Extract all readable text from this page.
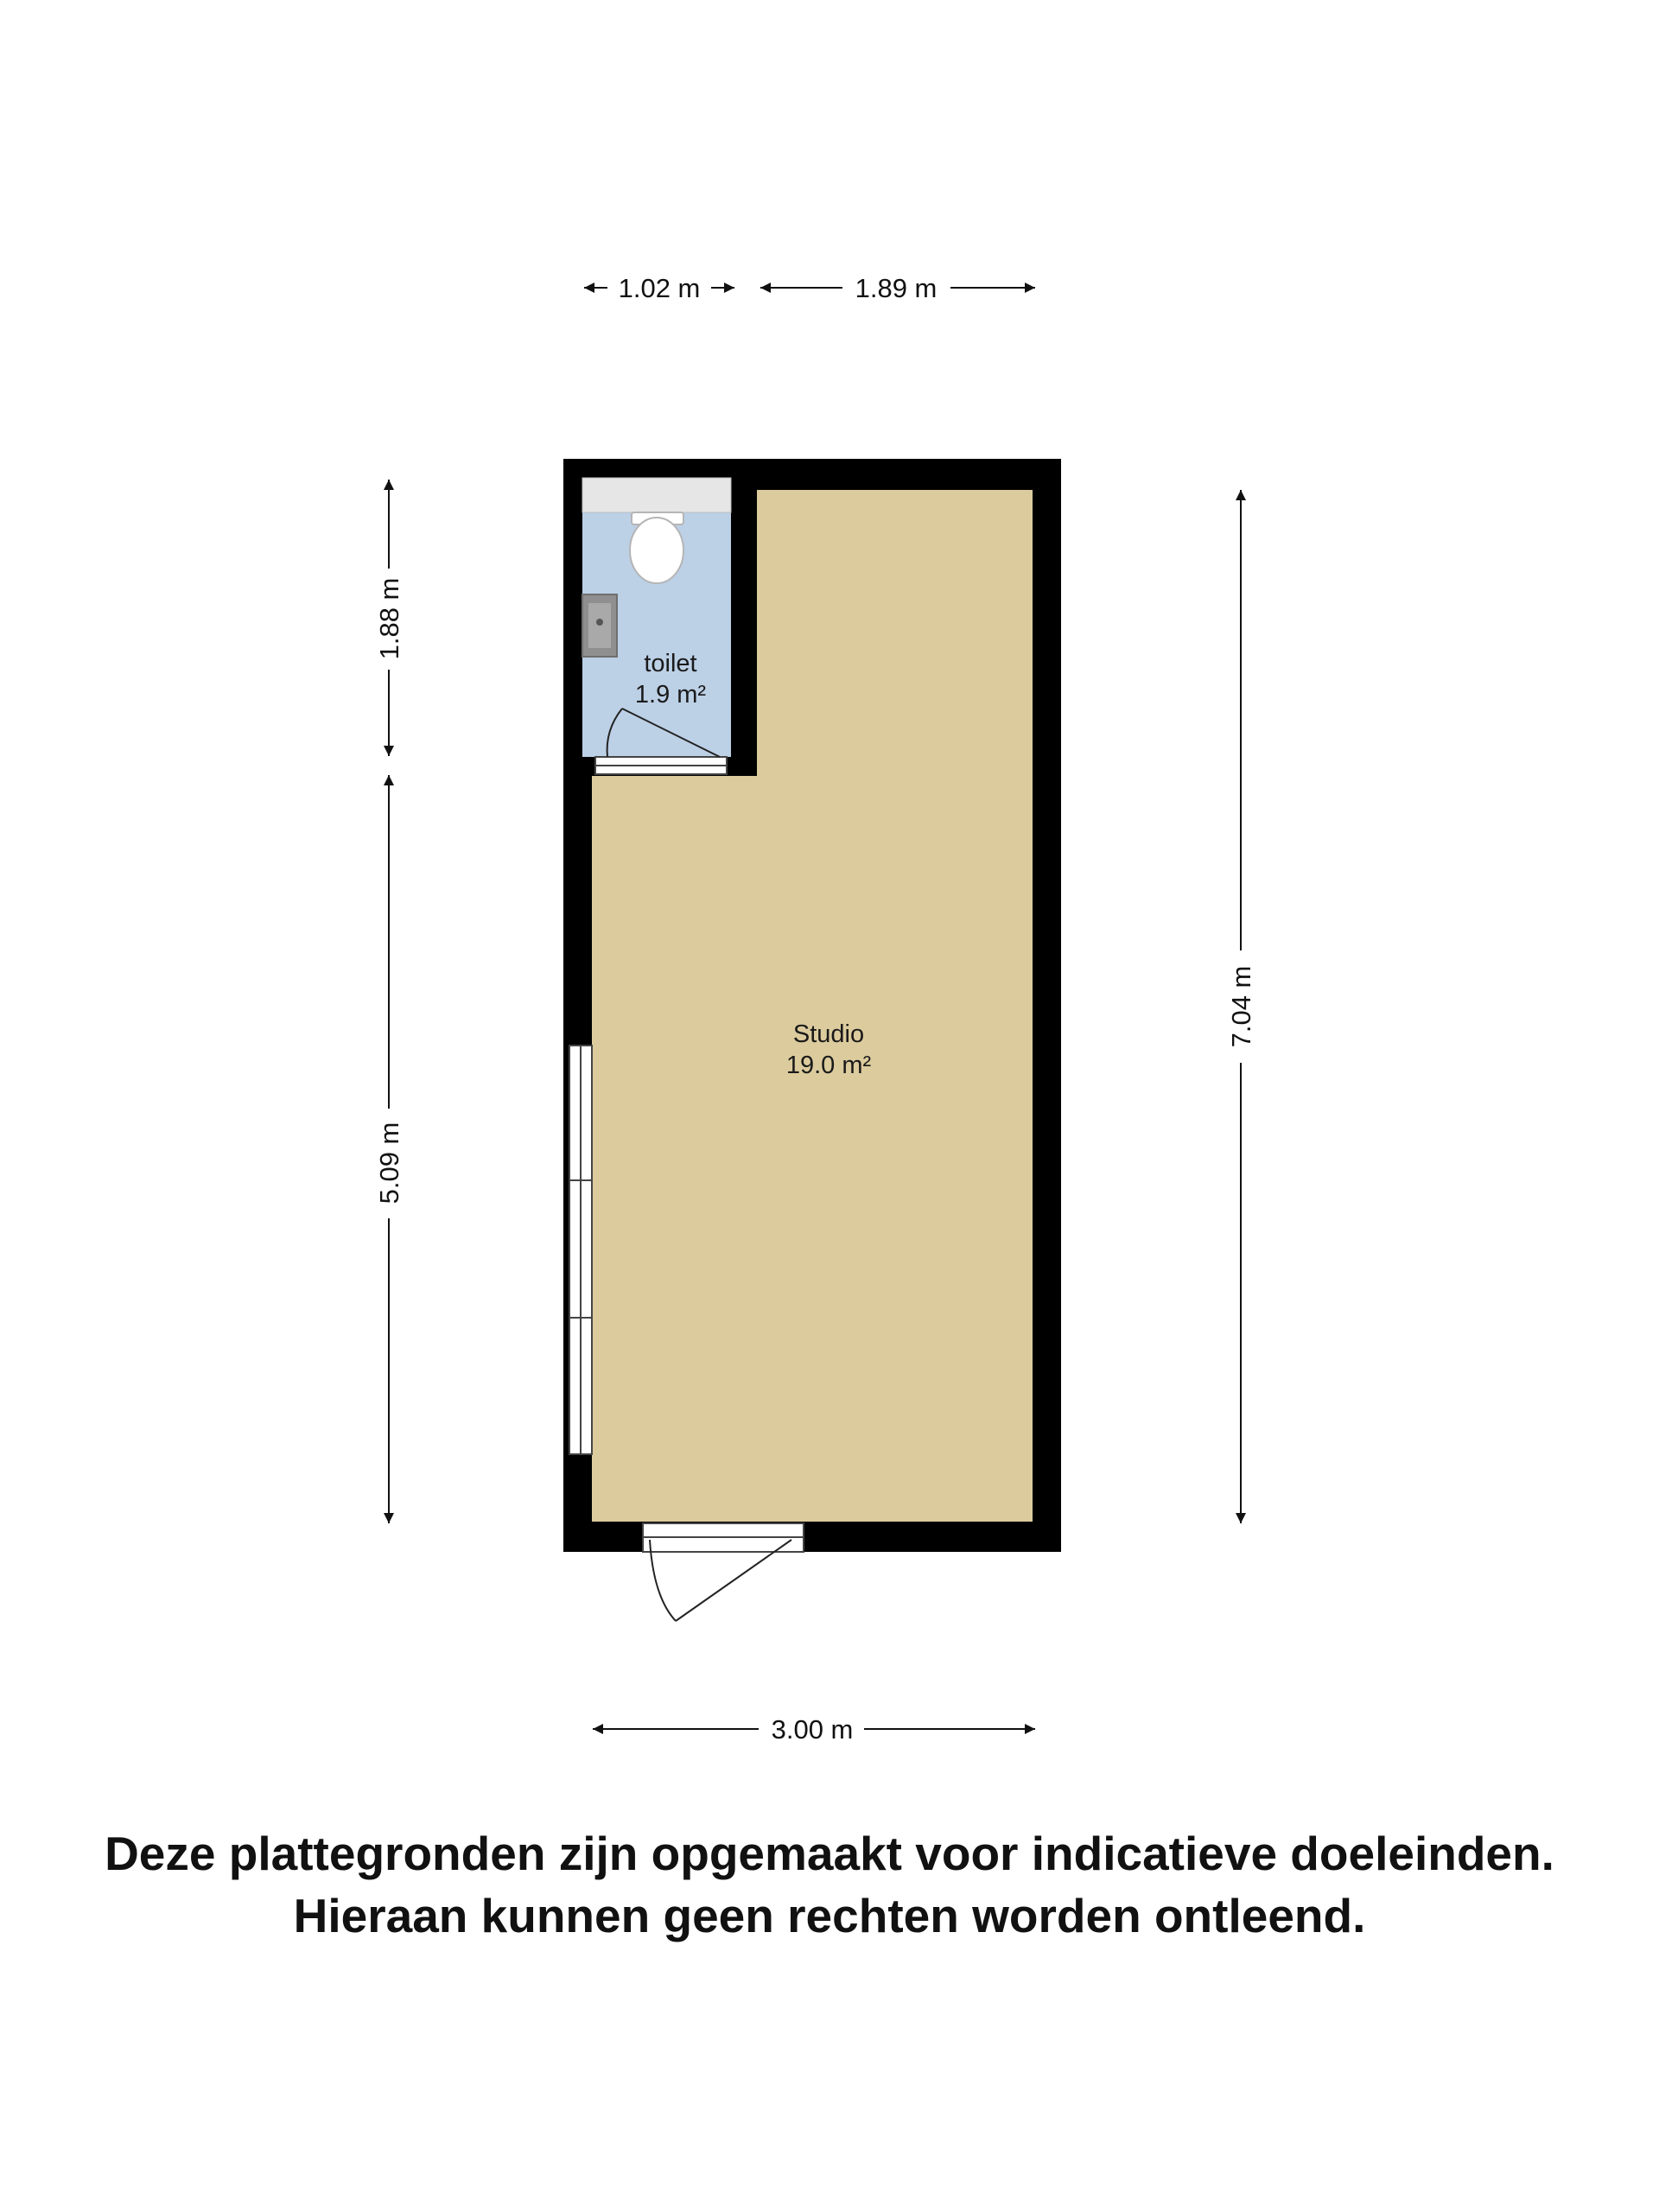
1.02 m	1.89 m
1.88 m
5.09 m
7.04 m
3.00 m
toilet
1.9 m²
Studio
19.0 m²
Deze plattegronden zijn opgemaakt voor indicatieve doeleinden.
Hieraan kunnen geen rechten worden ontleend.
